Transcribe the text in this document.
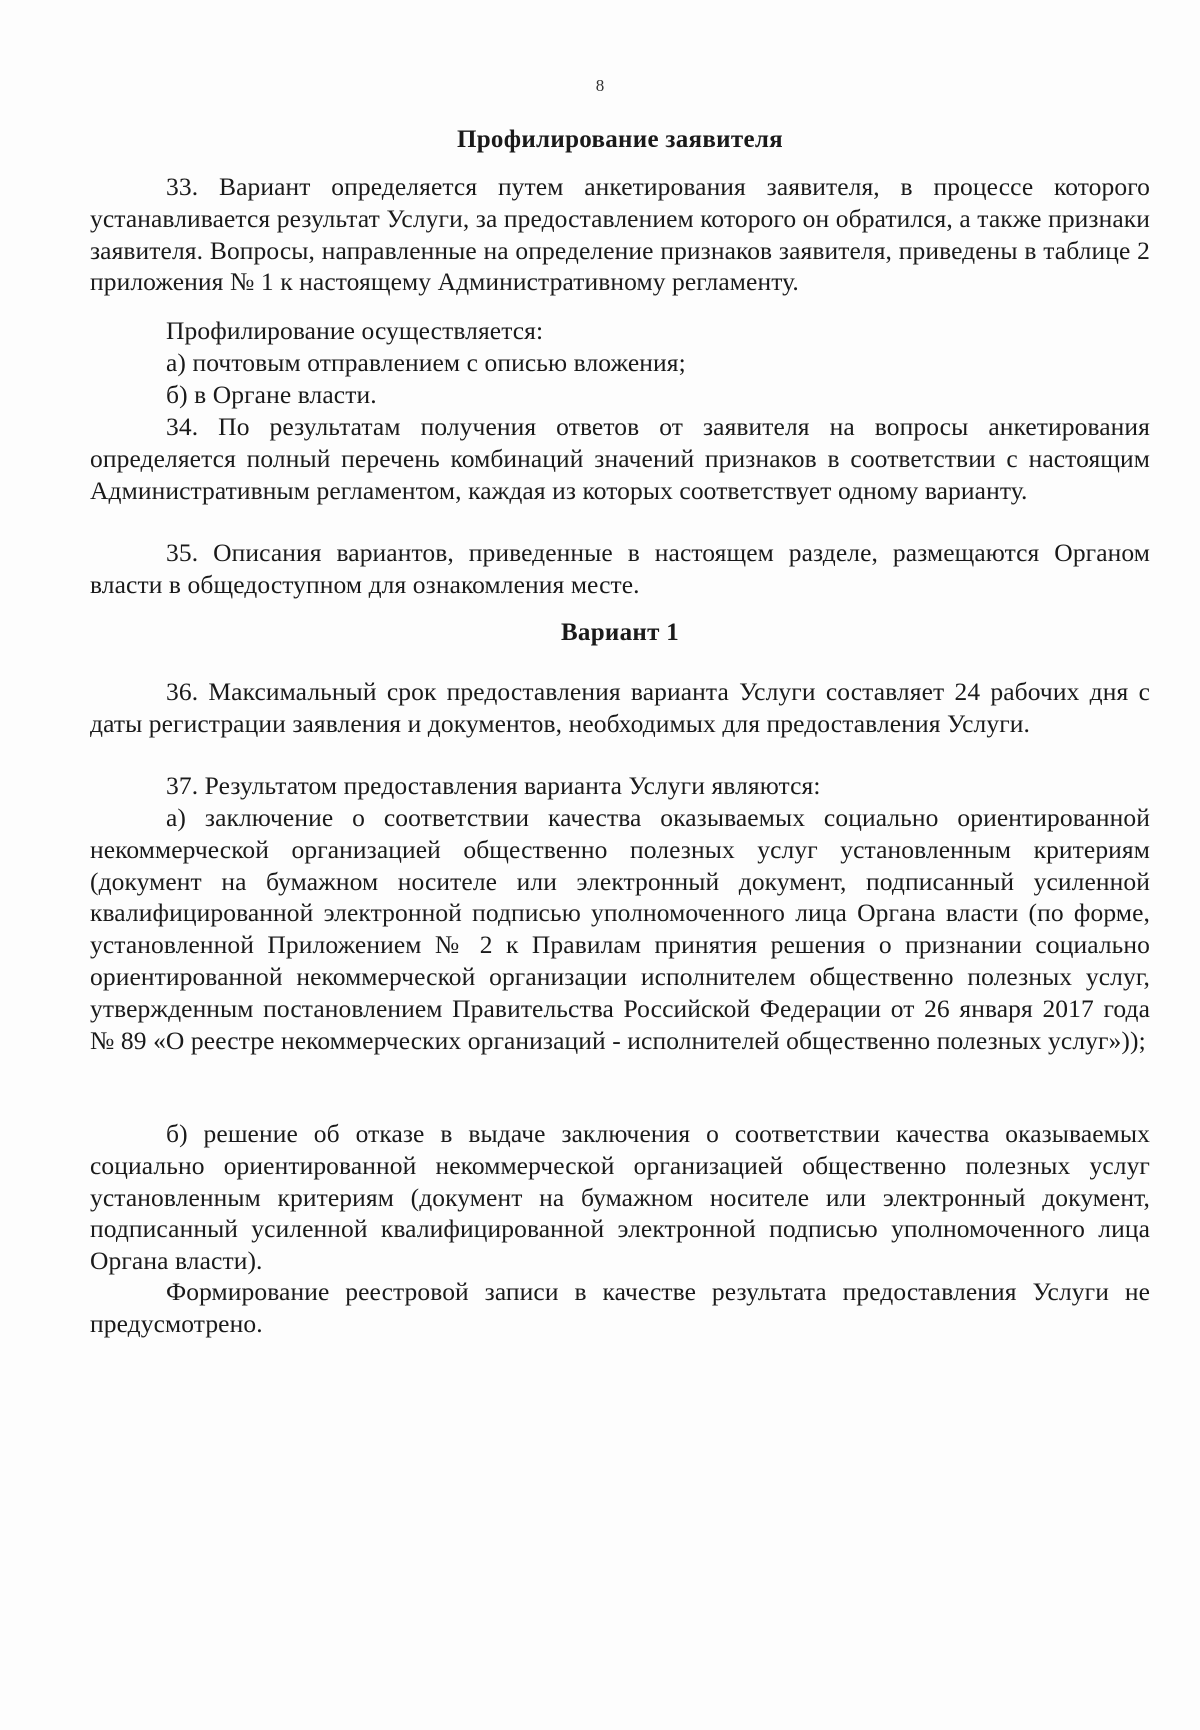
8
Профилирование заявителя

33. Вариант определяется путем анкетирования заявителя, в процессе которого устанавливается результат Услуги, за предоставлением которого он обратился, а также признаки заявителя. Вопросы, направленные на определение признаков заявителя, приведены в таблице 2 приложения № 1 к настоящему Административному регламенту.

Профилирование осуществляется:

а) почтовым отправлением с описью вложения;

б) в Органе власти.

34. По результатам получения ответов от заявителя на вопросы анкетирования определяется полный перечень комбинаций значений признаков в соответствии с настоящим Административным регламентом, каждая из которых соответствует одному варианту.

35. Описания вариантов, приведенные в настоящем разделе, размещаются Органом власти в общедоступном для ознакомления месте.

Вариант 1

36. Максимальный срок предоставления варианта Услуги составляет 24 рабочих дня с даты регистрации заявления и документов, необходимых для предоставления Услуги.

37. Результатом предоставления варианта Услуги являются:

а) заключение о соответствии качества оказываемых социально ориентированной некоммерческой организацией общественно полезных услуг установленным критериям (документ на бумажном носителе или электронный документ, подписанный усиленной квалифицированной электронной подписью уполномоченного лица Органа власти (по форме, установленной Приложением № 2 к Правилам принятия решения о признании социально ориентированной некоммерческой организации исполнителем общественно полезных услуг, утвержденным постановлением Правительства Российской Федерации от 26 января 2017 года № 89 «О реестре некоммерческих организаций - исполнителей общественно полезных услуг»));

б) решение об отказе в выдаче заключения о соответствии качества оказываемых социально ориентированной некоммерческой организацией общественно полезных услуг установленным критериям (документ на бумажном носителе или электронный документ, подписанный усиленной квалифицированной электронной подписью уполномоченного лица Органа власти).

Формирование реестровой записи в качестве результата предоставления Услуги не предусмотрено.
